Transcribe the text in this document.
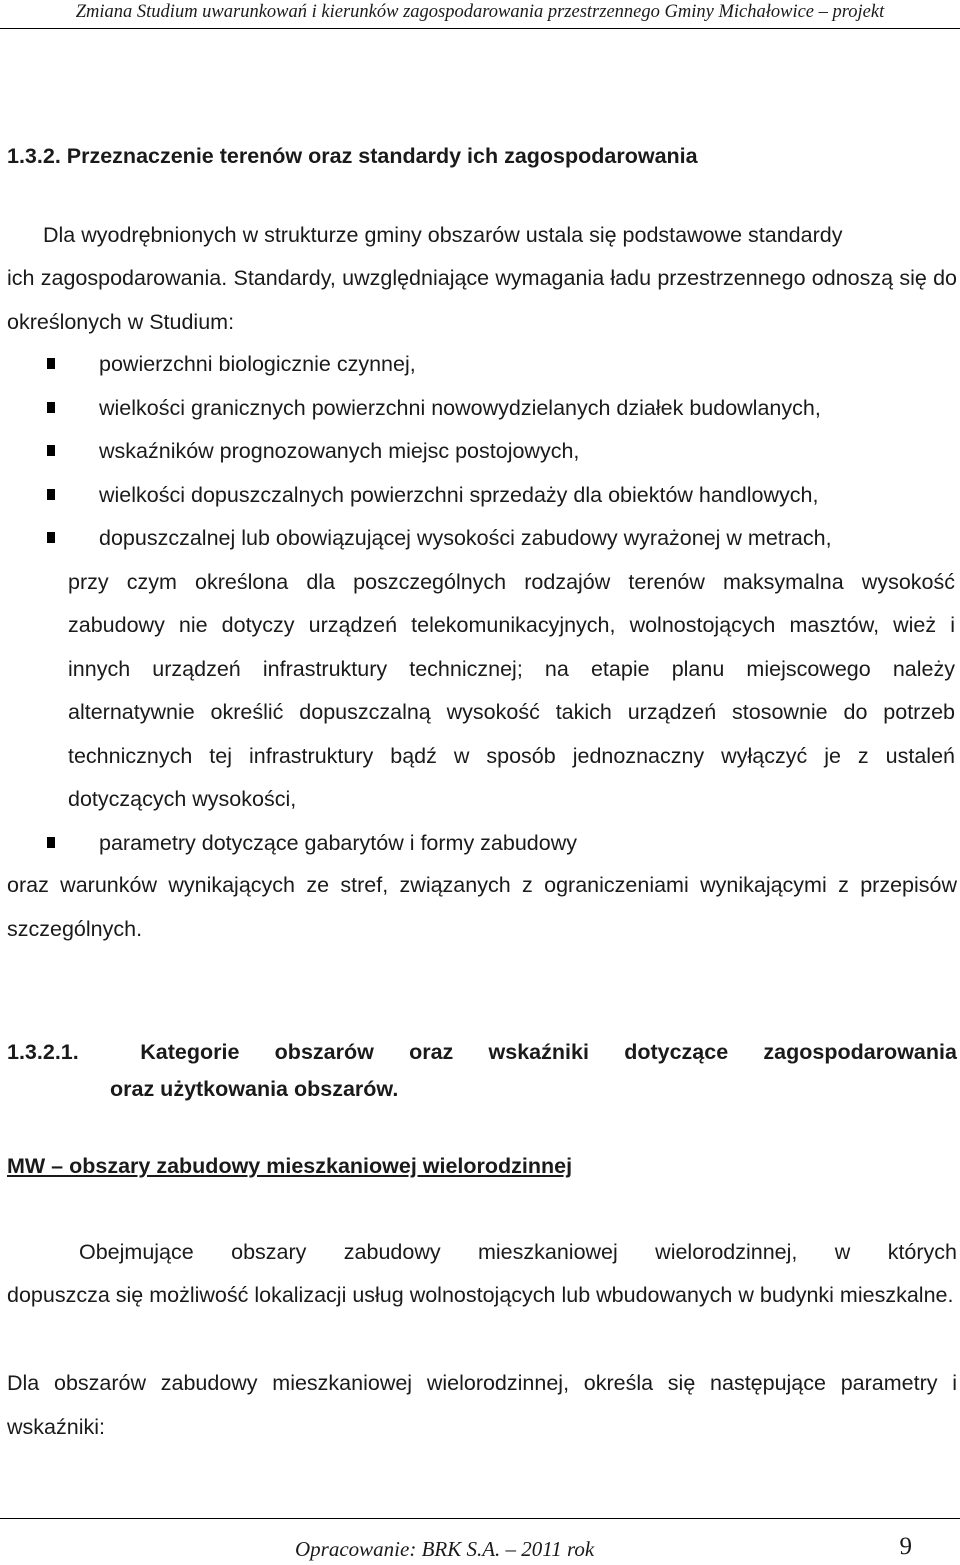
Zmiana Studium uwarunkowań i kierunków zagospodarowania przestrzennego Gminy Michałowice – projekt
1.3.2. Przeznaczenie terenów oraz standardy ich zagospodarowania
Dla wyodrębnionych w strukturze gminy obszarów ustala się podstawowe standardy
ich zagospodarowania. Standardy, uwzględniające wymagania ładu przestrzennego odnoszą się do określonych w Studium:
powierzchni biologicznie czynnej,
wielkości granicznych powierzchni nowowydzielanych działek budowlanych,
wskaźników prognozowanych miejsc postojowych,
wielkości dopuszczalnych powierzchni sprzedaży dla obiektów handlowych,
dopuszczalnej lub obowiązującej wysokości zabudowy wyrażonej w metrach,
przy czym określona dla poszczególnych rodzajów terenów maksymalna wysokość zabudowy nie dotyczy urządzeń telekomunikacyjnych, wolnostojących masztów, wież i innych urządzeń infrastruktury technicznej; na etapie planu miejscowego należy alternatywnie określić dopuszczalną wysokość takich urządzeń stosownie do potrzeb technicznych tej infrastruktury bądź w sposób jednoznaczny wyłączyć je z ustaleń dotyczących wysokości,
parametry dotyczące gabarytów i formy zabudowy
oraz warunków wynikających ze stref, związanych z ograniczeniami wynikającymi z przepisów szczególnych.
1.3.2.1.	Kategorie obszarów oraz wskaźniki dotyczące zagospodarowania
oraz użytkowania obszarów.
MW – obszary zabudowy mieszkaniowej wielorodzinnej
Obejmujące obszary zabudowy mieszkaniowej wielorodzinnej, w których
dopuszcza się możliwość lokalizacji usług wolnostojących lub wbudowanych w budynki mieszkalne.
Dla obszarów zabudowy mieszkaniowej wielorodzinnej, określa się następujące parametry i wskaźniki:
Opracowanie: BRK S.A. – 2011 rok	9
